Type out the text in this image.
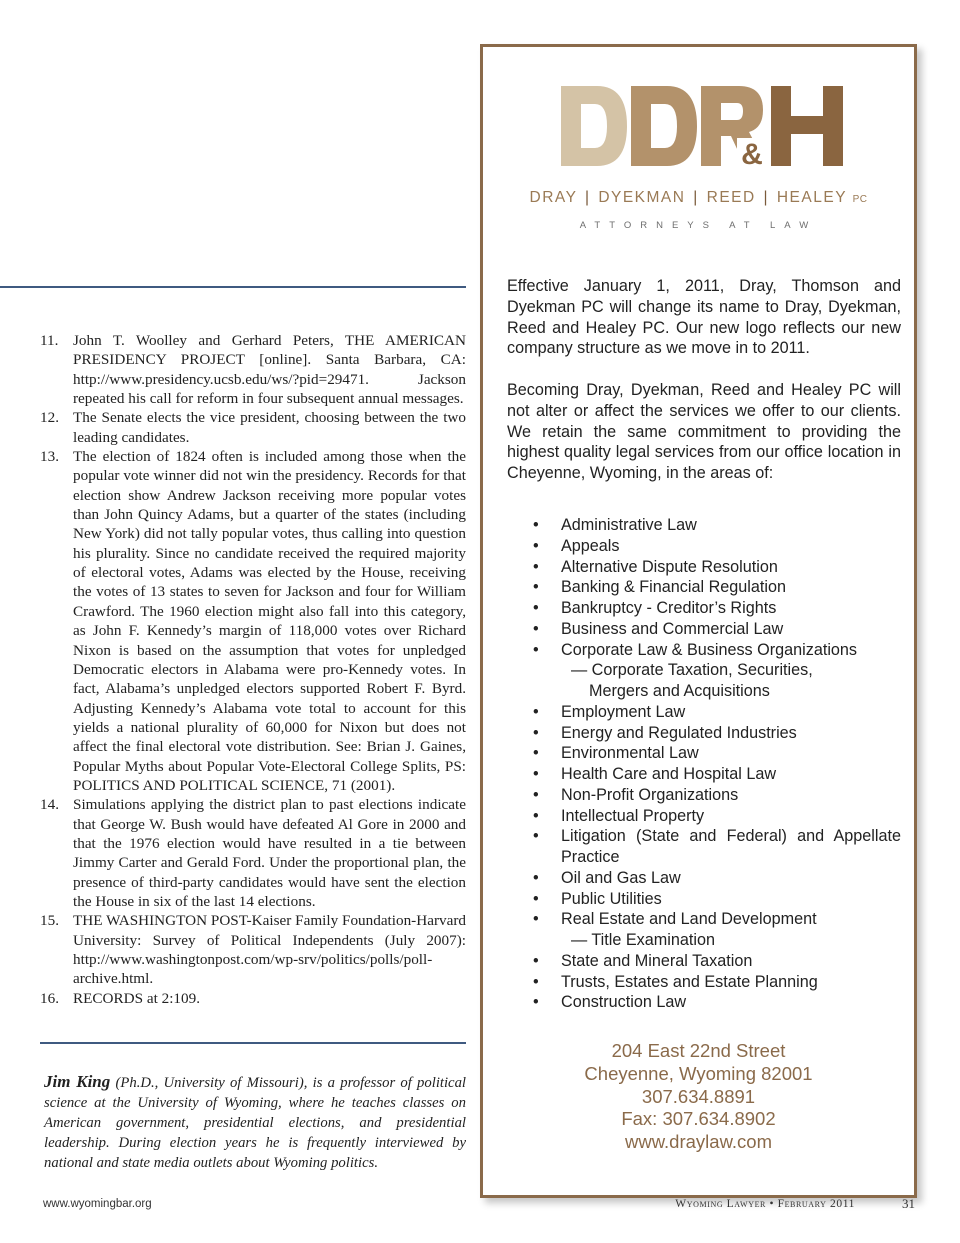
11. John T. Woolley and Gerhard Peters, THE AMERICAN PRESIDENCY PROJECT [online]. Santa Barbara, CA: http://www.presidency.ucsb.edu/ws/?pid=29471. Jackson repeated his call for reform in four subsequent annual messages.
12. The Senate elects the vice president, choosing between the two leading candidates.
13. The election of 1824 often is included among those when the popular vote winner did not win the presidency. Records for that election show Andrew Jackson receiving more popular votes than John Quincy Adams, but a quarter of the states (including New York) did not tally popular votes, thus calling into question his plurality. Since no candidate received the required majority of electoral votes, Adams was elected by the House, receiving the votes of 13 states to seven for Jackson and four for William Crawford. The 1960 election might also fall into this category, as John F. Kennedy’s margin of 118,000 votes over Richard Nixon is based on the assumption that votes for unpledged Democratic electors in Alabama were pro-Kennedy votes. In fact, Alabama’s unpledged electors supported Robert F. Byrd. Adjusting Kennedy’s Alabama vote total to account for this yields a national plurality of 60,000 for Nixon but does not affect the final electoral vote distribution. See: Brian J. Gaines, Popular Myths about Popular Vote-Electoral College Splits, PS: POLITICS AND POLITICAL SCIENCE, 71 (2001).
14. Simulations applying the district plan to past elections indicate that George W. Bush would have defeated Al Gore in 2000 and that the 1976 election would have resulted in a tie between Jimmy Carter and Gerald Ford. Under the proportional plan, the presence of third-party candidates would have sent the election the House in six of the last 14 elections.
15. THE WASHINGTON POST-Kaiser Family Foundation-Harvard University: Survey of Political Independents (July 2007): http://www.washingtonpost.com/wp-srv/politics/polls/poll-archive.html.
16. RECORDS at 2:109.

Jim King (Ph.D., University of Missouri), is a professor of political science at the University of Wyoming, where he teaches classes on American government, presidential elections, and presidential leadership. During election years he is frequently interviewed by national and state media outlets about Wyoming politics.

&
DRAY | DYEKMAN | REED | HEALEY PC
ATTORNEYS AT LAW

Effective January 1, 2011, Dray, Thomson and Dyekman PC will change its name to Dray, Dyekman, Reed and Healey PC. Our new logo reflects our new company structure as we move in to 2011.

Becoming Dray, Dyekman, Reed and Healey PC will not alter or affect the services we offer to our clients. We retain the same commitment to providing the highest quality legal services from our office location in Cheyenne, Wyoming, in the areas of:

• Administrative Law
• Appeals
• Alternative Dispute Resolution
• Banking & Financial Regulation
• Bankruptcy - Creditor’s Rights
• Business and Commercial Law
• Corporate Law & Business Organizations
— Corporate Taxation, Securities,
Mergers and Acquisitions
• Employment Law
• Energy and Regulated Industries
• Environmental Law
• Health Care and Hospital Law
• Non-Profit Organizations
• Intellectual Property
• Litigation (State and Federal) and Appellate Practice
• Oil and Gas Law
• Public Utilities
• Real Estate and Land Development
— Title Examination
• State and Mineral Taxation
• Trusts, Estates and Estate Planning
• Construction Law
204 East 22nd Street
Cheyenne, Wyoming 82001
307.634.8891
Fax: 307.634.8902
www.draylaw.com
www.wyomingbar.org	Wyoming Lawyer • February 2011	31
